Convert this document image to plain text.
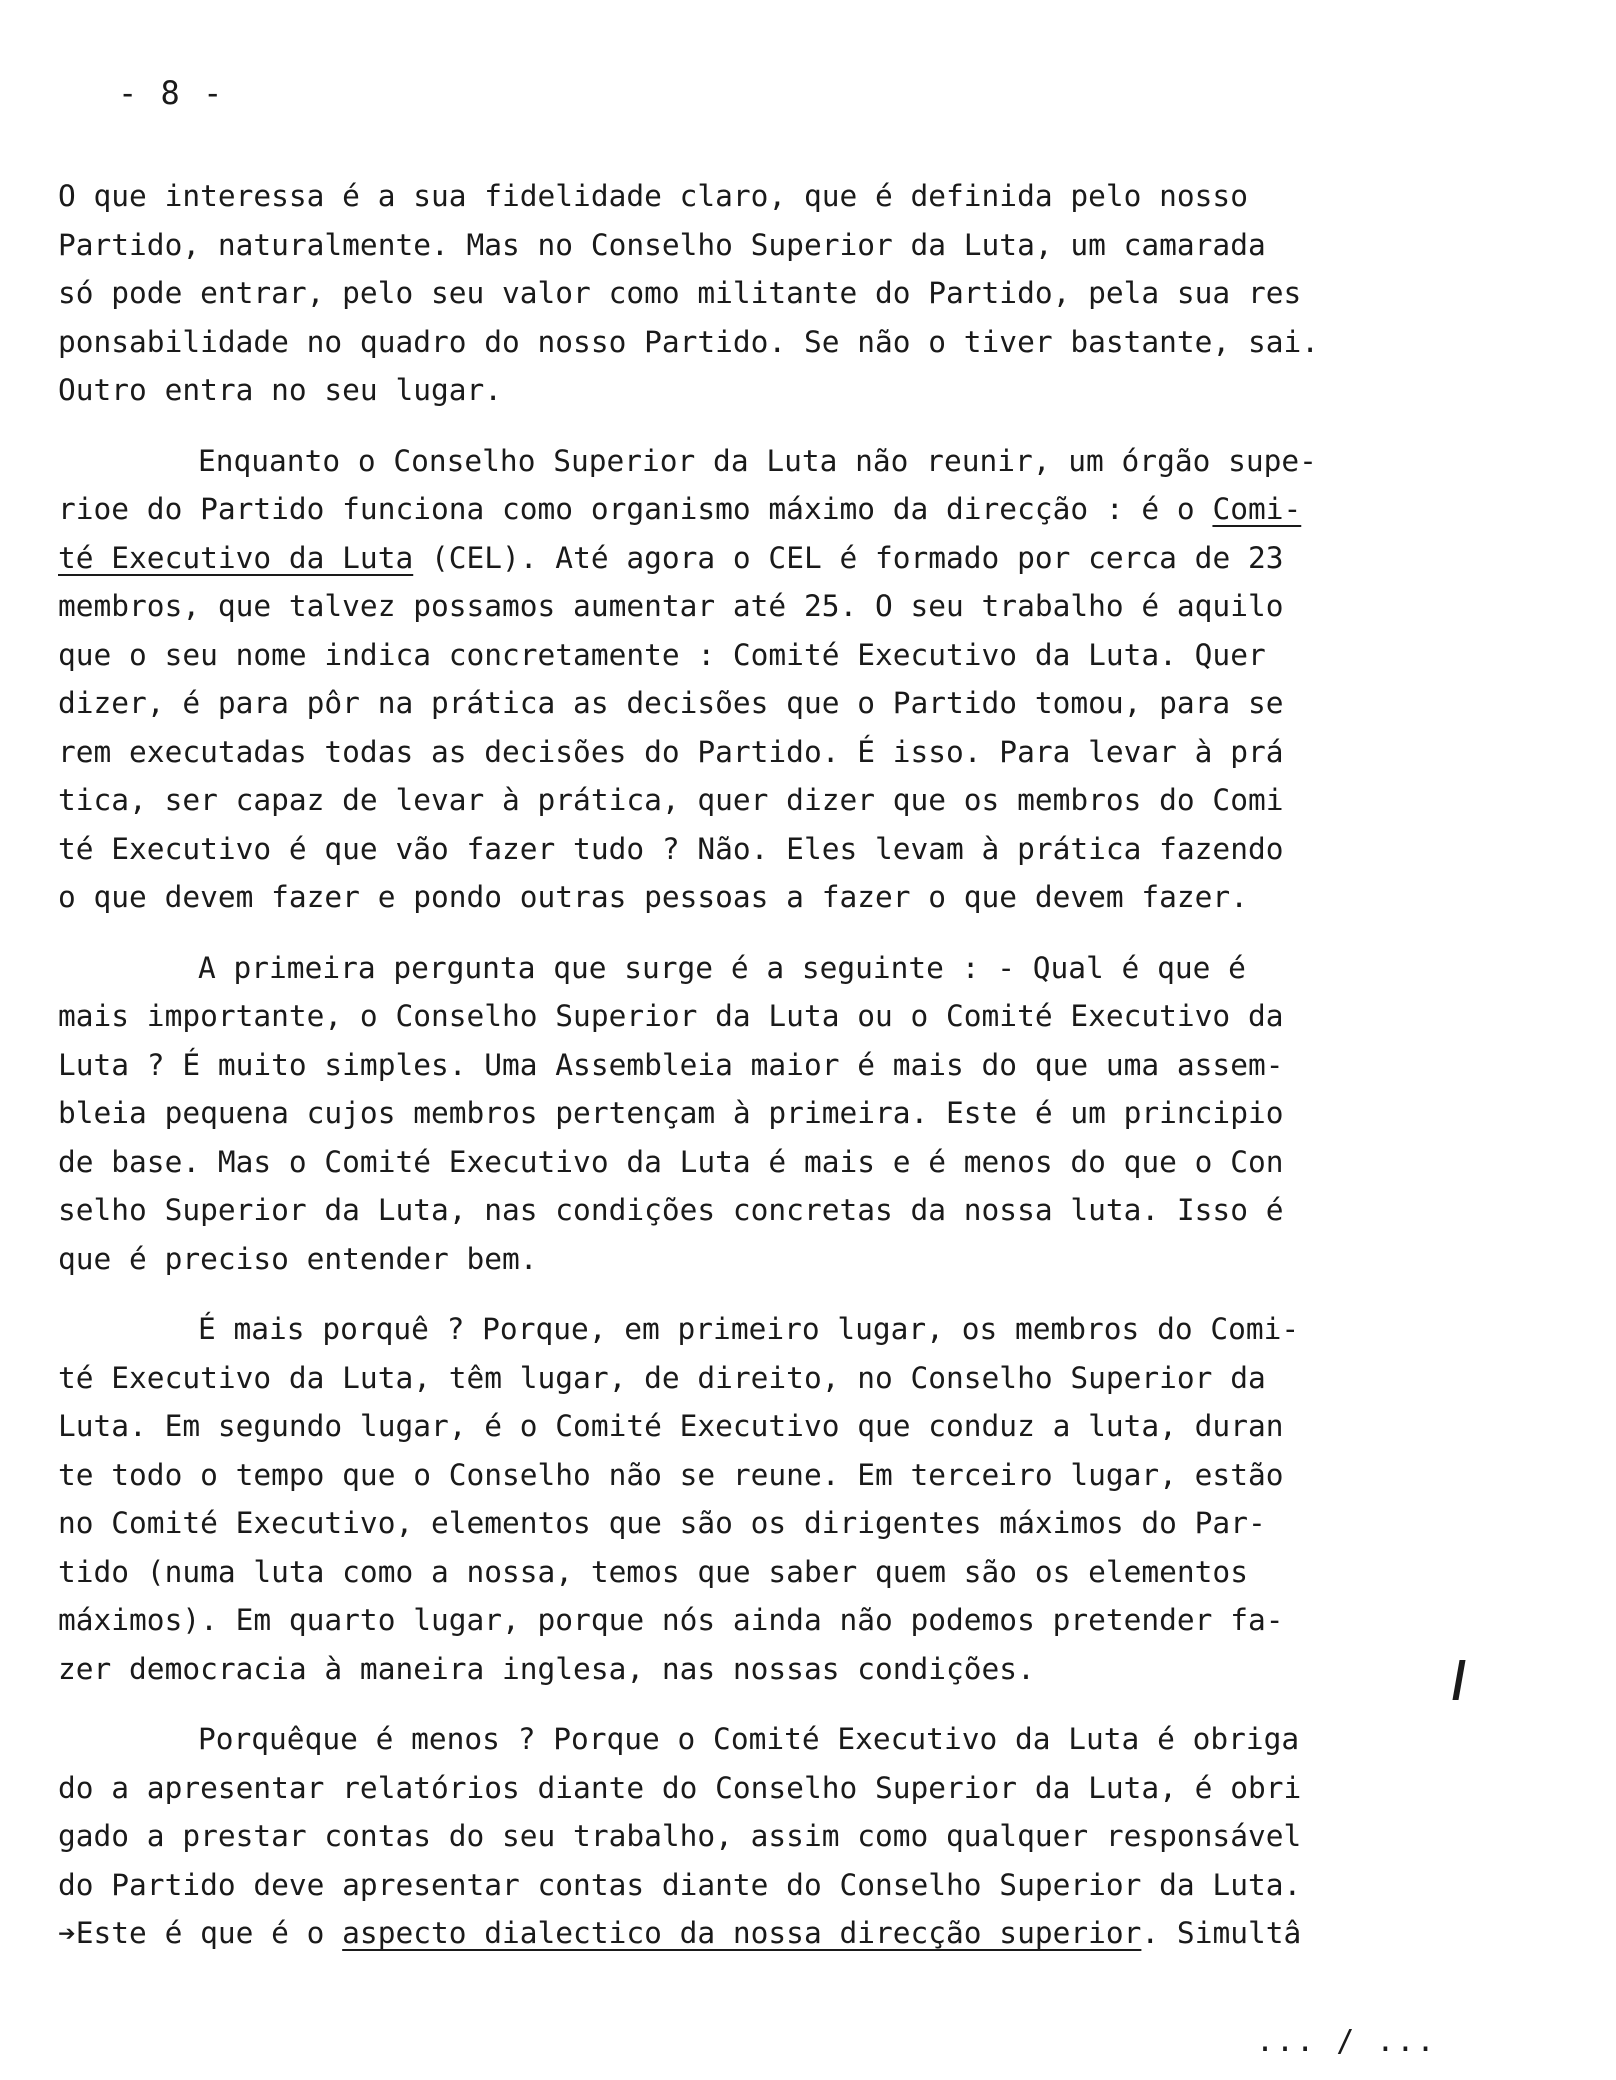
- 8 -

O que interessa é a sua fidelidade claro, que é definida pelo nosso
Partido, naturalmente. Mas no Conselho Superior da Luta, um camarada
só pode entrar, pelo seu valor como militante do Partido, pela sua res
ponsabilidade no quadro do nosso Partido. Se não o tiver bastante, sai.
Outro entra no seu lugar.

Enquanto o Conselho Superior da Luta não reunir, um órgão supe-
rioe do Partido funciona como organismo máximo da direcção : é o Comi-
té Executivo da Luta (CEL). Até agora o CEL é formado por cerca de 23
membros, que talvez possamos aumentar até 25. O seu trabalho é aquilo
que o seu nome indica concretamente : Comité Executivo da Luta. Quer
dizer, é para pôr na prática as decisões que o Partido tomou, para se
rem executadas todas as decisões do Partido. É isso. Para levar à prá
tica, ser capaz de levar à prática, quer dizer que os membros do Comi
té Executivo é que vão fazer tudo ? Não. Eles levam à prática fazendo
o que devem fazer e pondo outras pessoas a fazer o que devem fazer.

A primeira pergunta que surge é a seguinte : - Qual é que é
mais importante, o Conselho Superior da Luta ou o Comité Executivo da
Luta ? É muito simples. Uma Assembleia maior é mais do que uma assem-
bleia pequena cujos membros pertençam à primeira. Este é um principio
de base. Mas o Comité Executivo da Luta é mais e é menos do que o Con
selho Superior da Luta, nas condições concretas da nossa luta. Isso é
que é preciso entender bem.

É mais porquê ? Porque, em primeiro lugar, os membros do Comi-
té Executivo da Luta, têm lugar, de direito, no Conselho Superior da
Luta. Em segundo lugar, é o Comité Executivo que conduz a luta, duran
te todo o tempo que o Conselho não se reune. Em terceiro lugar, estão
no Comité Executivo, elementos que são os dirigentes máximos do Par-
tido (numa luta como a nossa, temos que saber quem são os elementos
máximos). Em quarto lugar, porque nós ainda não podemos pretender fa-
zer democracia à maneira inglesa, nas nossas condições.

Porquêque é menos ? Porque o Comité Executivo da Luta é obriga
do a apresentar relatórios diante do Conselho Superior da Luta, é obri
gado a prestar contas do seu trabalho, assim como qualquer responsável
do Partido deve apresentar contas diante do Conselho Superior da Luta.
➔Este é que é o aspecto dialectico da nossa direcção superior. Simultâ

... / ...
